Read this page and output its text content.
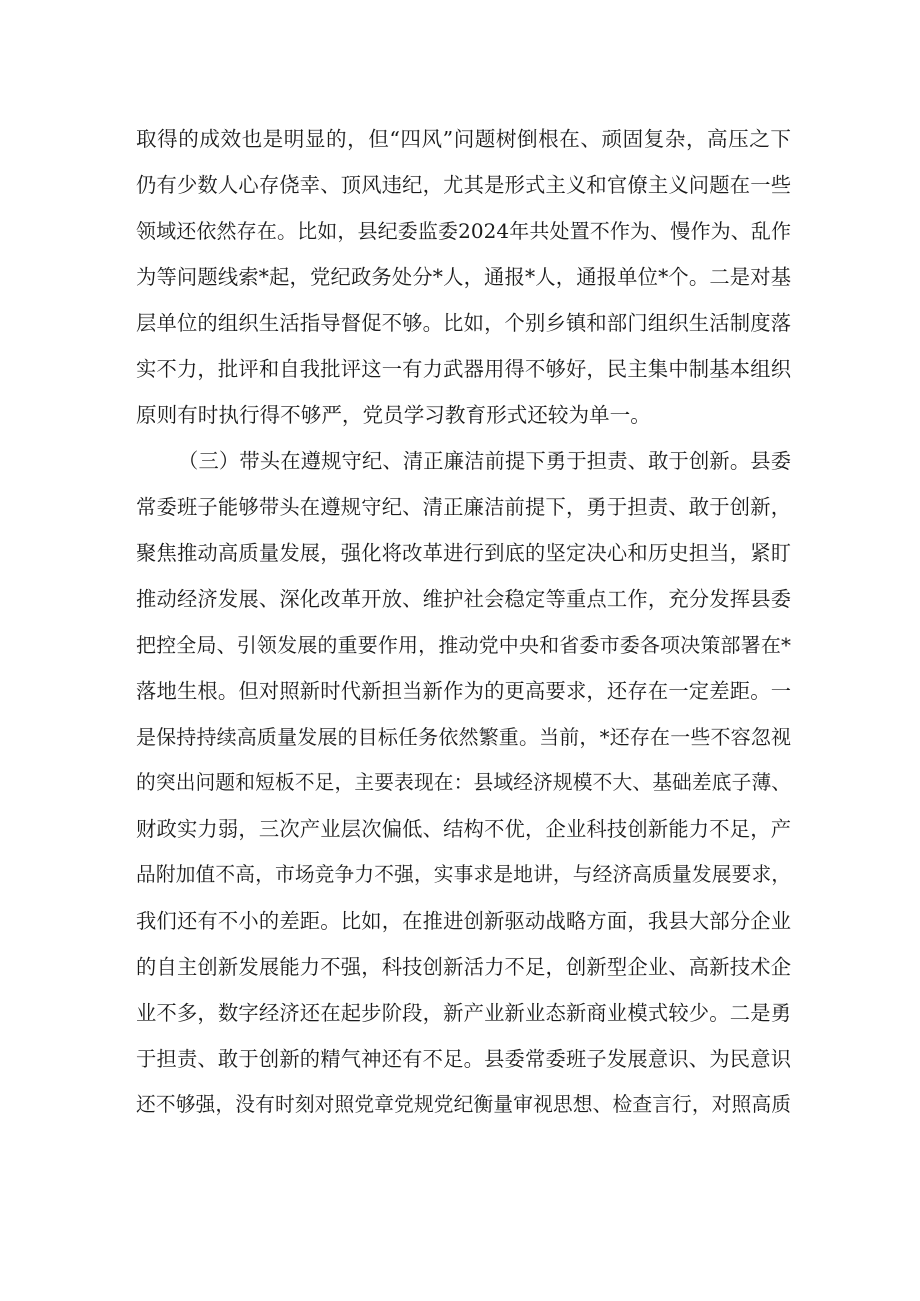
取得的成效也是明显的，但“四风”问题树倒根在、顽固复杂，高压之下
仍有少数人心存侥幸、顶风违纪，尤其是形式主义和官僚主义问题在一些
领域还依然存在。比如，县纪委监委2024年共处置不作为、慢作为、乱作
为等问题线索*起，党纪政务处分*人，通报*人，通报单位*个。二是对基
层单位的组织生活指导督促不够。比如，个别乡镇和部门组织生活制度落
实不力，批评和自我批评这一有力武器用得不够好，民主集中制基本组织
原则有时执行得不够严，党员学习教育形式还较为单一。
（三）带头在遵规守纪、清正廉洁前提下勇于担责、敢于创新。县委
常委班子能够带头在遵规守纪、清正廉洁前提下，勇于担责、敢于创新，
聚焦推动高质量发展，强化将改革进行到底的坚定决心和历史担当，紧盯
推动经济发展、深化改革开放、维护社会稳定等重点工作，充分发挥县委
把控全局、引领发展的重要作用，推动党中央和省委市委各项决策部署在*
落地生根。但对照新时代新担当新作为的更高要求，还存在一定差距。一
是保持持续高质量发展的目标任务依然繁重。当前，*还存在一些不容忽视
的突出问题和短板不足，主要表现在：县域经济规模不大、基础差底子薄、
财政实力弱，三次产业层次偏低、结构不优，企业科技创新能力不足，产
品附加值不高，市场竞争力不强，实事求是地讲，与经济高质量发展要求，
我们还有不小的差距。比如，在推进创新驱动战略方面，我县大部分企业
的自主创新发展能力不强，科技创新活力不足，创新型企业、高新技术企
业不多，数字经济还在起步阶段，新产业新业态新商业模式较少。二是勇
于担责、敢于创新的精气神还有不足。县委常委班子发展意识、为民意识
还不够强，没有时刻对照党章党规党纪衡量审视思想、检查言行，对照高质
